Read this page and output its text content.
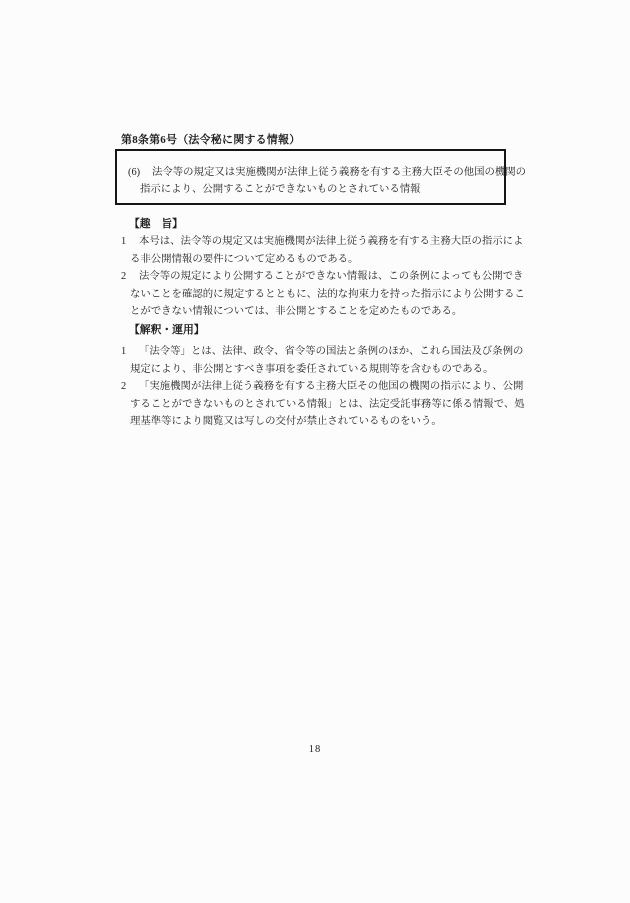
第8条第6号（法令秘に関する情報）
(6) 法令等の規定又は実施機関が法律上従う義務を有する主務大臣その他国の機関の
指示により、公開することができないものとされている情報
【趣　旨】
1 本号は、法令等の規定又は実施機関が法律上従う義務を有する主務大臣の指示によ
る非公開情報の要件について定めるものである。
2 法令等の規定により公開することができない情報は、この条例によっても公開でき
ないことを確認的に規定するとともに、法的な拘束力を持った指示により公開するこ
とができない情報については、非公開とすることを定めたものである。
【解釈・運用】
1 「法令等」とは、法律、政令、省令等の国法と条例のほか、これら国法及び条例の
規定により、非公開とすべき事項を委任されている規則等を含むものである。
2 「実施機関が法律上従う義務を有する主務大臣その他国の機関の指示により、公開
することができないものとされている情報」とは、法定受託事務等に係る情報で、処
理基準等により閲覧又は写しの交付が禁止されているものをいう。
18
